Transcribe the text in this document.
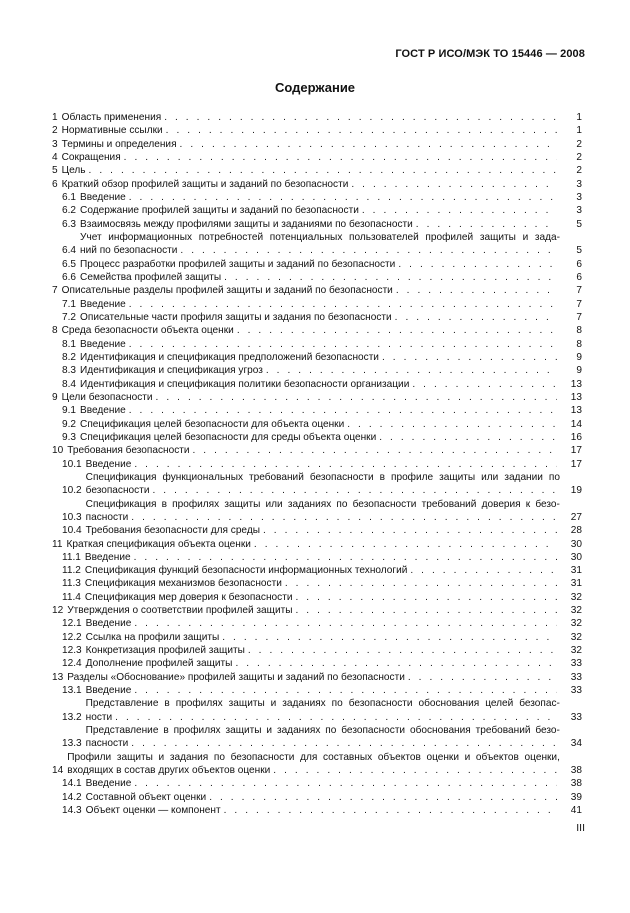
ГОСТ Р ИСО/МЭК ТО 15446 — 2008
Содержание
1 Область применения . . .	1
2 Нормативные ссылки . . .	1
3 Термины и определения . . .	2
4 Сокращения . . .	2
5 Цель . . .	2
6 Краткий обзор профилей защиты и заданий по безопасности . . .	3
6.1 Введение . . .	3
6.2 Содержание профилей защиты и заданий по безопасности . . .	3
6.3 Взаимосвязь между профилями защиты и заданиями по безопасности . . .	5
6.4
Учет информационных потребностей потенциальных пользователей профилей защиты и зада-
ний по безопасности . . .	5
6.5 Процесс разработки профилей защиты и заданий по безопасности . . .	6
6.6 Семейства профилей защиты . . .	6
7 Описательные разделы профилей защиты и заданий по безопасности . . .	7
7.1 Введение . . .	7
7.2 Описательные части профиля защиты и задания по безопасности . . .	7
8 Среда безопасности объекта оценки . . .	8
8.1 Введение . . .	8
8.2 Идентификация и спецификация предположений безопасности . . .	9
8.3 Идентификация и спецификация угроз . . .	9
8.4 Идентификация и спецификация политики безопасности организации . . .	13
9 Цели безопасности . . .	13
9.1 Введение . . .	13
9.2 Спецификация целей безопасности для объекта оценки . . .	14
9.3 Спецификация целей безопасности для среды объекта оценки . . .	16
10 Требования безопасности . . .	17
10.1 Введение . . .	17
10.2
Спецификация функциональных требований безопасности в профиле защиты или задании по
безопасности . . .	19
10.3
Спецификация в профилях защиты или заданиях по безопасности требований доверия к безо-
пасности . . .	27
10.4 Требования безопасности для среды . . .	28
11 Краткая спецификация объекта оценки . . .	30
11.1 Введение . . .	30
11.2 Спецификация функций безопасности информационных технологий . . .	31
11.3 Спецификация механизмов безопасности . . .	31
11.4 Спецификация мер доверия к безопасности . . .	32
12 Утверждения о соответствии профилей защиты . . .	32
12.1 Введение . . .	32
12.2 Ссылка на профили защиты . . .	32
12.3 Конкретизация профилей защиты . . .	32
12.4 Дополнение профилей защиты . . .	33
13 Разделы «Обоснование» профилей защиты и заданий по безопасности . . .	33
13.1 Введение . . .	33
13.2
Представление в профилях защиты и заданиях по безопасности обоснования целей безопас-
ности . . .	33
13.3
Представление в профилях защиты и заданиях по безопасности обоснования требований безо-
пасности . . .	34
14
Профили защиты и задания по безопасности для составных объектов оценки и объектов оценки,
входящих в состав других объектов оценки . . .	38
14.1 Введение . . .	38
14.2 Составной объект оценки . . .	39
14.3 Объект оценки — компонент . . .	41
III
